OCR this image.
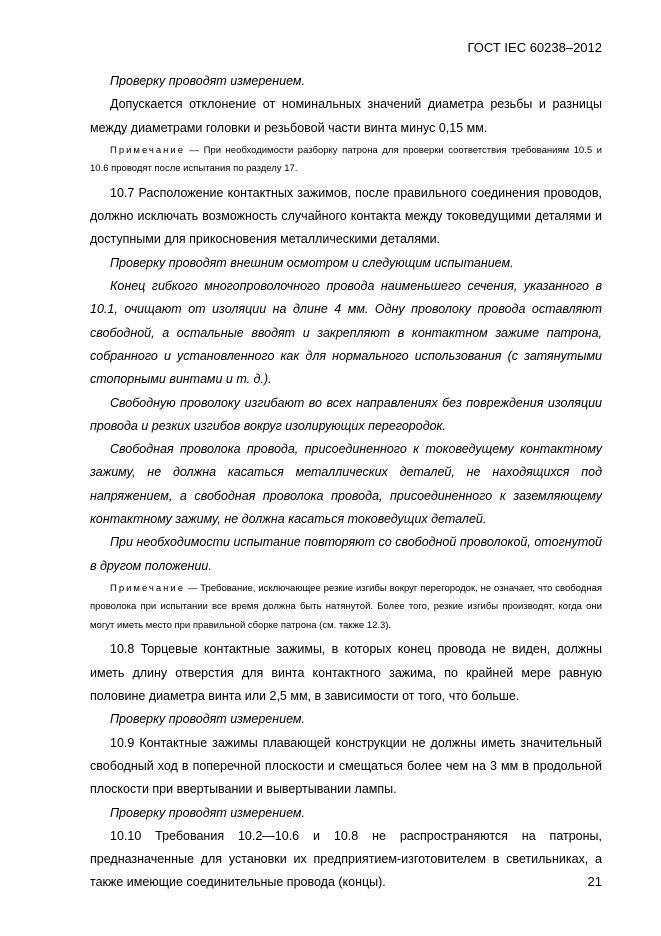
ГОСТ IEC 60238–2012

Проверку проводят измерением.

Допускается отклонение от номинальных значений диаметра резьбы и разницы между диаметрами головки и резьбовой части винта минус 0,15 мм.

Примечание — При необходимости разборку патрона для проверки соответствия требованиям 10.5 и 10.6 проводят после испытания по разделу 17.

10.7 Расположение контактных зажимов, после правильного соединения проводов, должно исключать возможность случайного контакта между токоведущими деталями и доступными для прикосновения металлическими деталями.

Проверку проводят внешним осмотром и следующим испытанием.

Конец гибкого многопроволочного провода наименьшего сечения, указанного в 10.1, очищают от изоляции на длине 4 мм. Одну проволоку провода оставляют свободной, а остальные вводят и закрепляют в контактном зажиме патрона, собранного и установленного как для нормального использования (с затянутыми стопорными винтами и т. д.).

Свободную проволоку изгибают во всех направлениях без повреждения изоляции провода и резких изгибов вокруг изолирующих перегородок.

Свободная проволока провода, присоединенного к токоведущему контактному зажиму, не должна касаться металлических деталей, не находящихся под напряжением, а свободная проволока провода, присоединенного к заземляющему контактному зажиму, не должна касаться токоведущих деталей.

При необходимости испытание повторяют со свободной проволокой, отогнутой в другом положении.

Примечание — Требование, исключающее резкие изгибы вокруг перегородок, не означает, что свободная проволока при испытании все время должна быть натянутой. Более того, резкие изгибы производят, когда они могут иметь место при правильной сборке патрона (см. также 12.3).

10.8 Торцевые контактные зажимы, в которых конец провода не виден, должны иметь длину отверстия для винта контактного зажима, по крайней мере равную половине диаметра винта или 2,5 мм, в зависимости от того, что больше.

Проверку проводят измерением.

10.9 Контактные зажимы плавающей конструкции не должны иметь значительный свободный ход в поперечной плоскости и смещаться более чем на 3 мм в продольной плоскости при ввертывании и вывертывании лампы.

Проверку проводят измерением.

10.10 Требования 10.2—10.6 и 10.8 не распространяются на патроны, предназначенные для установки их предприятием-изготовителем в светильниках, а также имеющие соединительные провода (концы).	21
